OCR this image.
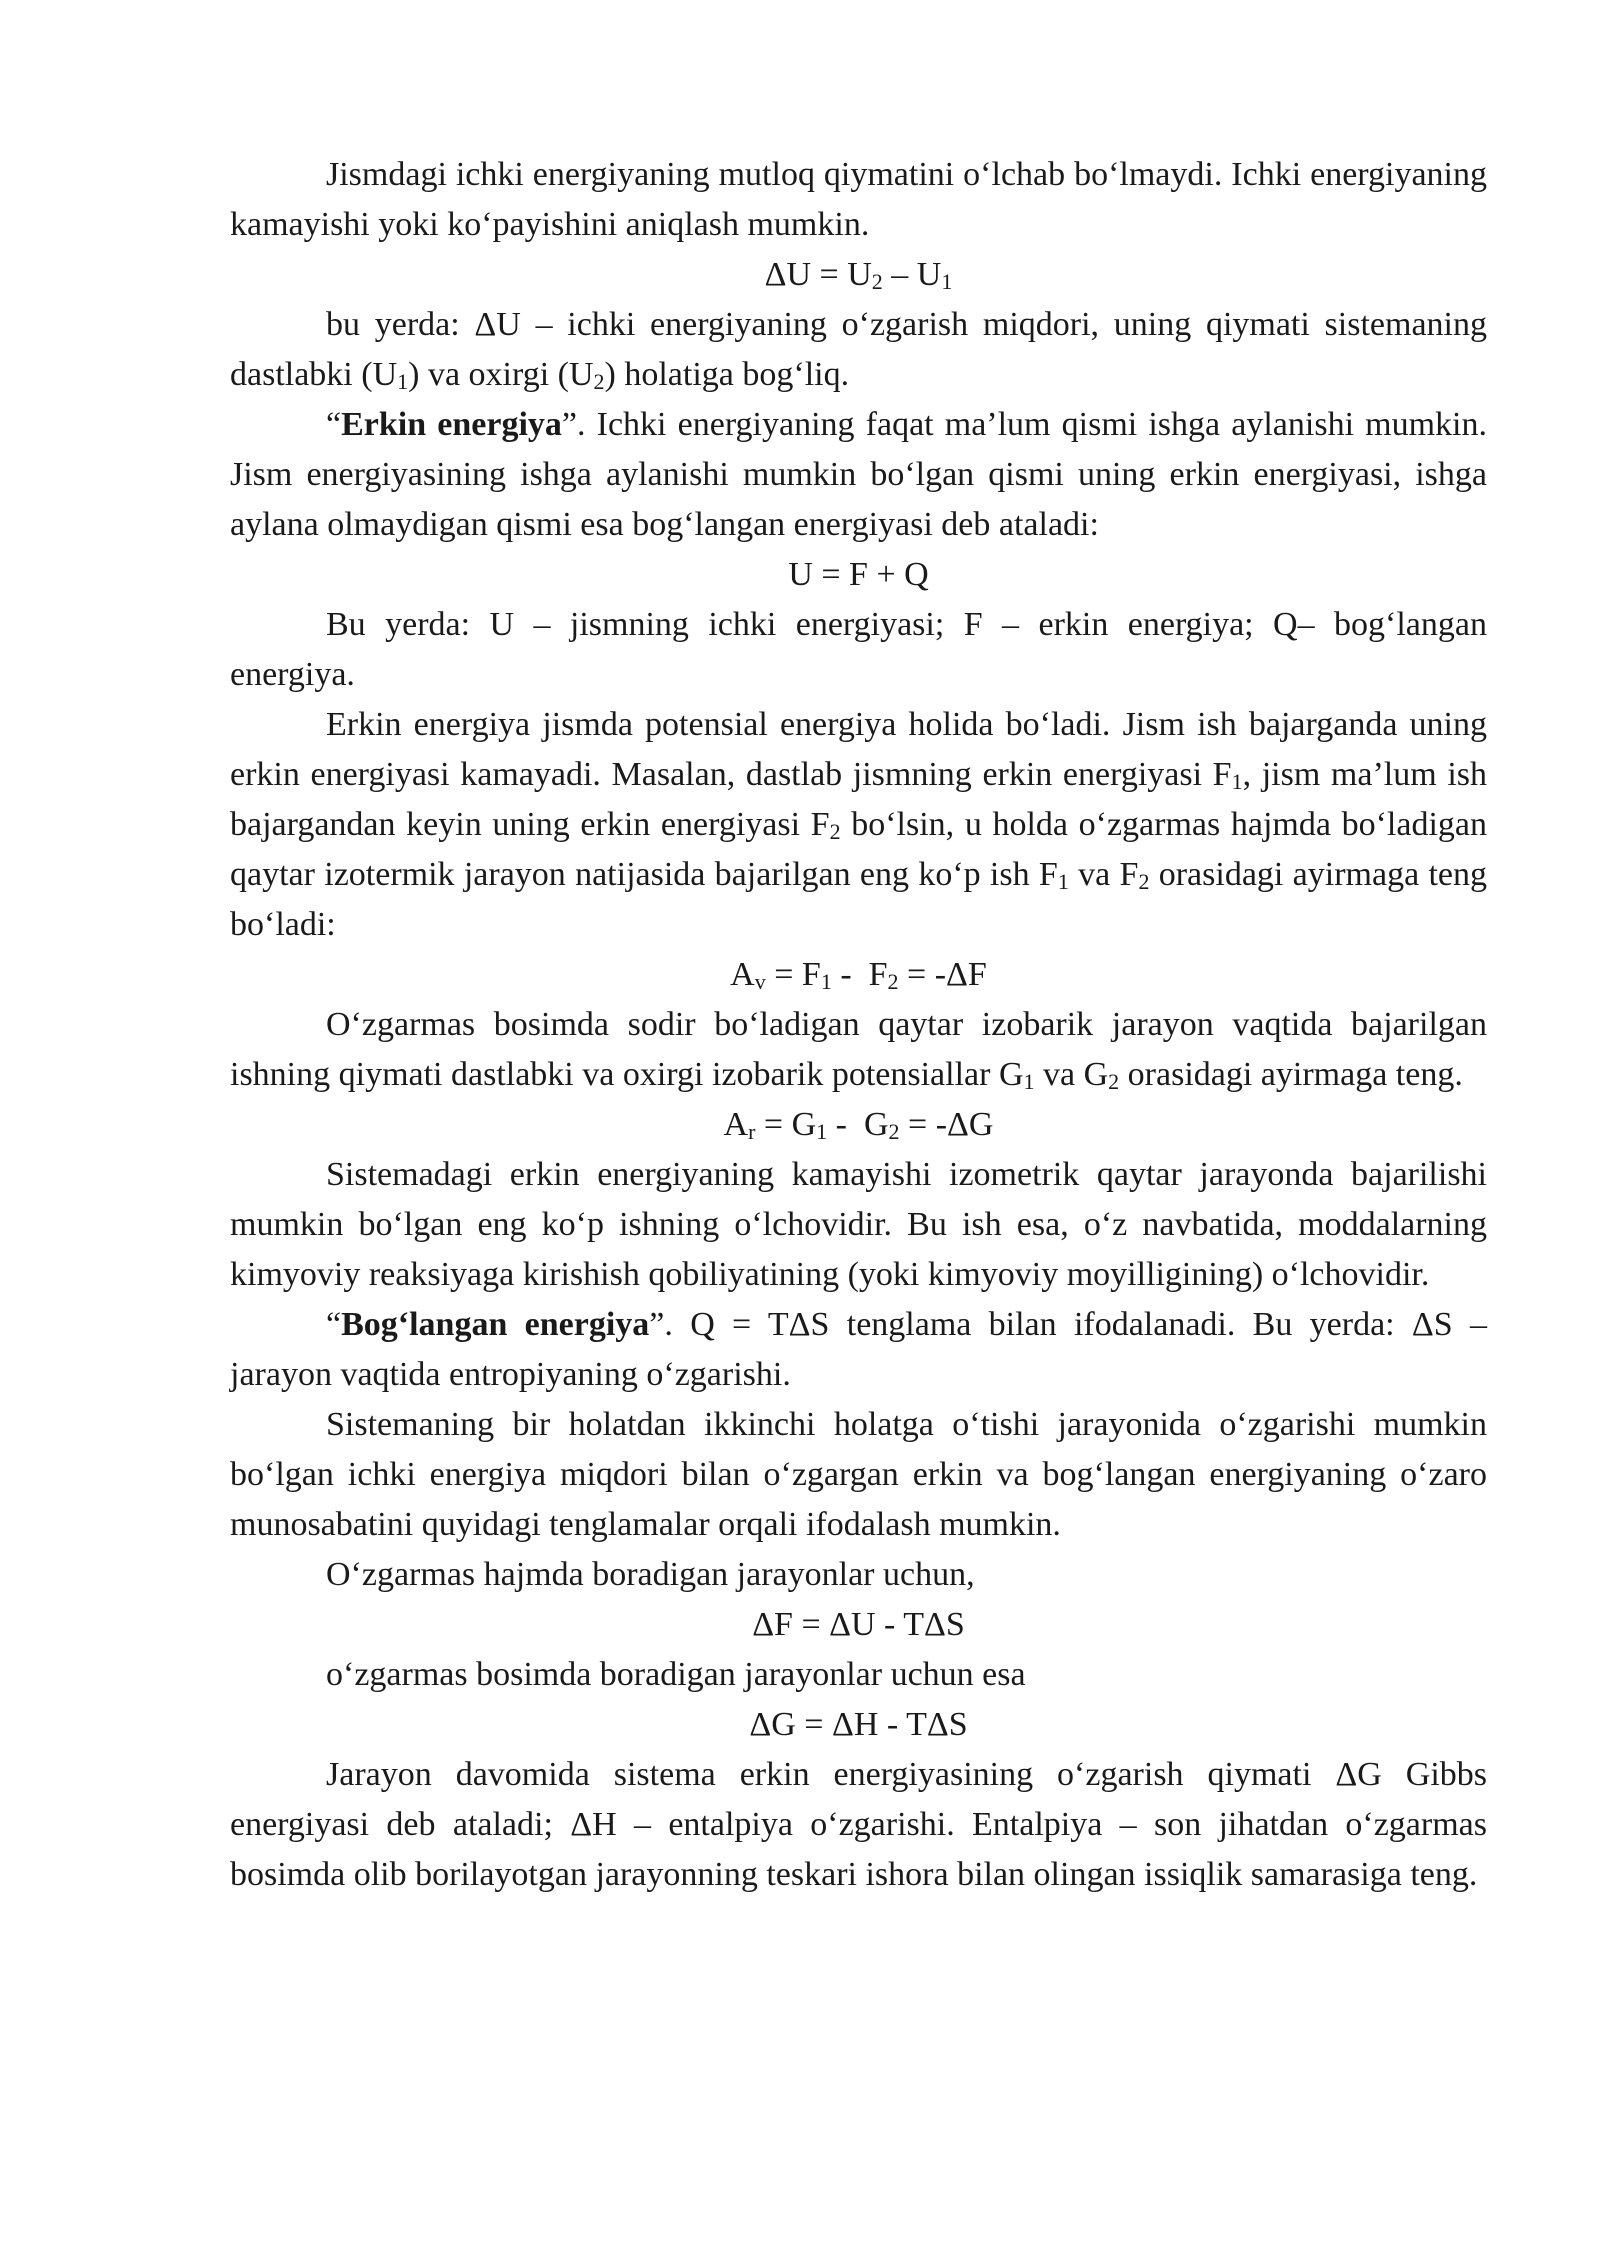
Jismdagi ichki energiyaning mutloq qiymatini o‘lchab bo‘lmaydi. Ichki energiyaning kamayishi yoki ko‘payishini aniqlash mumkin.

$\Delta U = U_2 - U_1$

bu yerda: ΔU – ichki energiyaning o‘zgarish miqdori, uning qiymati sistemaning dastlabki $(U_1)$ va oxirgi $(U_2)$ holatiga bog‘liq.

“Erkin energiya”. Ichki energiyaning faqat ma’lum qismi ishga aylanishi mumkin. Jism energiyasining ishga aylanishi mumkin bo‘lgan qismi uning erkin energiyasi, ishga aylana olmaydigan qismi esa bog‘langan energiyasi deb ataladi:

U = F + Q

Bu yerda: U – jismning ichki energiyasi; F – erkin energiya; Q– bog‘langan energiya.

Erkin energiya jismda potensial energiya holida bo‘ladi. Jism ish bajarganda uning erkin energiyasi kamayadi. Masalan, dastlab jismning erkin energiyasi $F_1$, jism ma’lum ish bajargandan keyin uning erkin energiyasi $F_2$ bo‘lsin, u holda o‘zgarmas hajmda bo‘ladigan qaytar izotermik jarayon natijasida bajarilgan eng ko‘p ish $F_1$ va $F_2$ orasidagi ayirmaga teng bo‘ladi:

$A_v = F_1 - F_2 = -\Delta F$

O‘zgarmas bosimda sodir bo‘ladigan qaytar izobarik jarayon vaqtida bajarilgan ishning qiymati dastlabki va oxirgi izobarik potensiallar $G_1$ va $G_2$ orasidagi ayirmaga teng.

$A_r = G_1 - G_2 = -\Delta G$

Sistemadagi erkin energiyaning kamayishi izometrik qaytar jarayonda bajarilishi mumkin bo‘lgan eng ko‘p ishning o‘lchovidir. Bu ish esa, o‘z navbatida, moddalarning kimyoviy reaksiyaga kirishish qobiliyatining (yoki kimyoviy moyilligining) o‘lchovidir.

“Bog‘langan energiya”. Q = TΔS tenglama bilan ifodalanadi. Bu yerda: ΔS – jarayon vaqtida entropiyaning o‘zgarishi.

Sistemaning bir holatdan ikkinchi holatga o‘tishi jarayonida o‘zgarishi mumkin bo‘lgan ichki energiya miqdori bilan o‘zgargan erkin va bog‘langan energiyaning o‘zaro munosabatini quyidagi tenglamalar orqali ifodalash mumkin.

O‘zgarmas hajmda boradigan jarayonlar uchun,

ΔF = ΔU - TΔS

o‘zgarmas bosimda boradigan jarayonlar uchun esa

ΔG = ΔH - TΔS

Jarayon davomida sistema erkin energiyasining o‘zgarish qiymati ΔG Gibbs energiyasi deb ataladi; ΔH – entalpiya o‘zgarishi. Entalpiya – son jihatdan o‘zgarmas bosimda olib borilayotgan jarayonning teskari ishora bilan olingan issiqlik samarasiga teng.
